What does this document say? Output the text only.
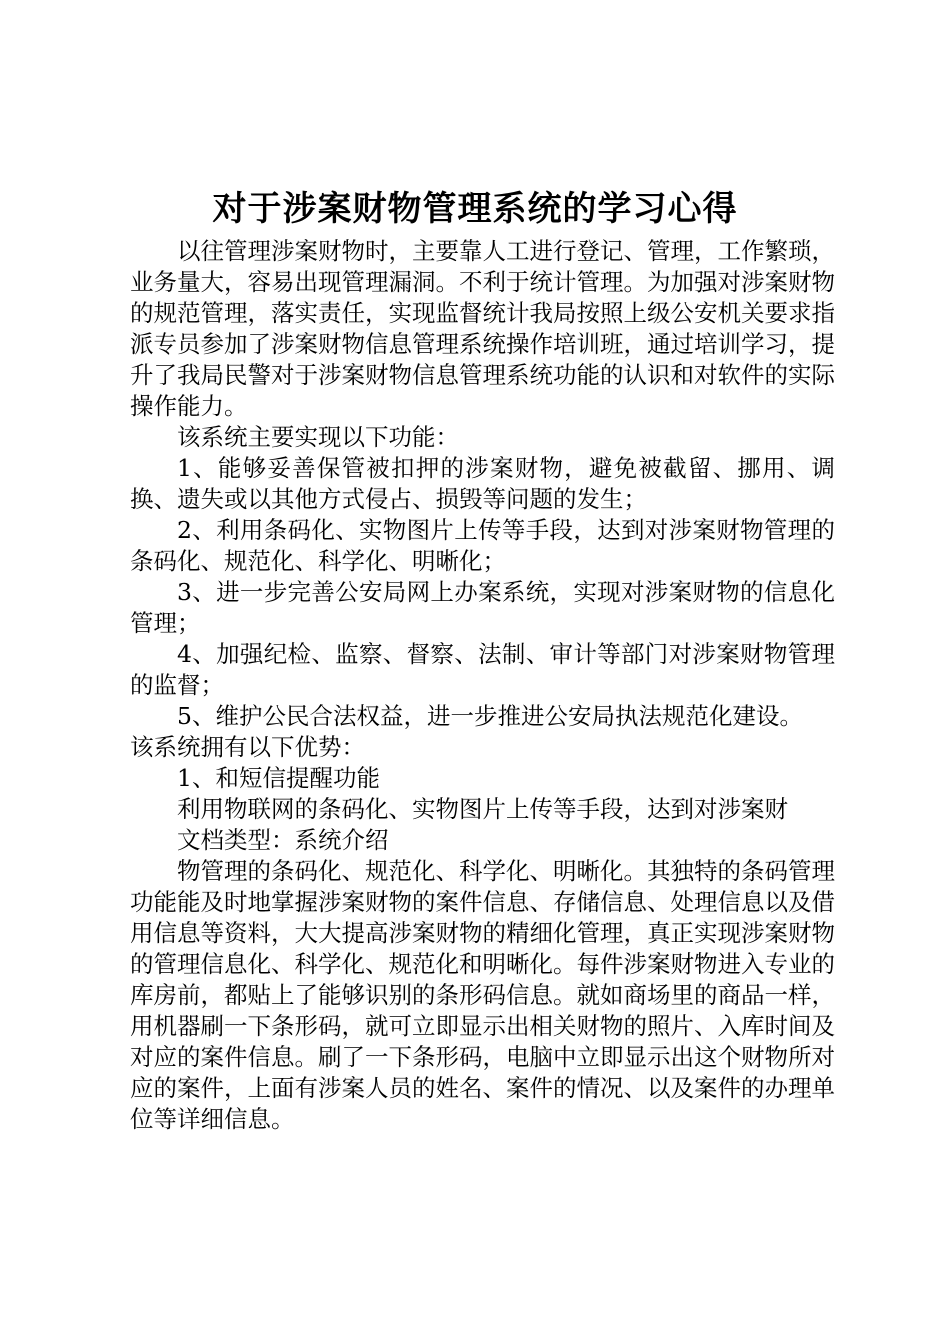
对于涉案财物管理系统的学习心得

以往管理涉案财物时，主要靠人工进行登记、管理，工作繁琐，业务量大，容易出现管理漏洞。不利于统计管理。为加强对涉案财物的规范管理，落实责任，实现监督统计我局按照上级公安机关要求指派专员参加了涉案财物信息管理系统操作培训班，通过培训学习，提升了我局民警对于涉案财物信息管理系统功能的认识和对软件的实际操作能力。

该系统主要实现以下功能：

1、能够妥善保管被扣押的涉案财物，避免被截留、挪用、调换、遗失或以其他方式侵占、损毁等问题的发生；

2、利用条码化、实物图片上传等手段，达到对涉案财物管理的条码化、规范化、科学化、明晰化；

3、进一步完善公安局网上办案系统，实现对涉案财物的信息化管理；

4、加强纪检、监察、督察、法制、审计等部门对涉案财物管理的监督；

5、维护公民合法权益，进一步推进公安局执法规范化建设。

该系统拥有以下优势：

1、和短信提醒功能

利用物联网的条码化、实物图片上传等手段，达到对涉案财

文档类型：系统介绍

物管理的条码化、规范化、科学化、明晰化。其独特的条码管理功能能及时地掌握涉案财物的案件信息、存储信息、处理信息以及借用信息等资料，大大提高涉案财物的精细化管理，真正实现涉案财物的管理信息化、科学化、规范化和明晰化。每件涉案财物进入专业的库房前，都贴上了能够识别的条形码信息。就如商场里的商品一样，用机器刷一下条形码，就可立即显示出相关财物的照片、入库时间及对应的案件信息。刷了一下条形码，电脑中立即显示出这个财物所对应的案件，上面有涉案人员的姓名、案件的情况、以及案件的办理单位等详细信息。
